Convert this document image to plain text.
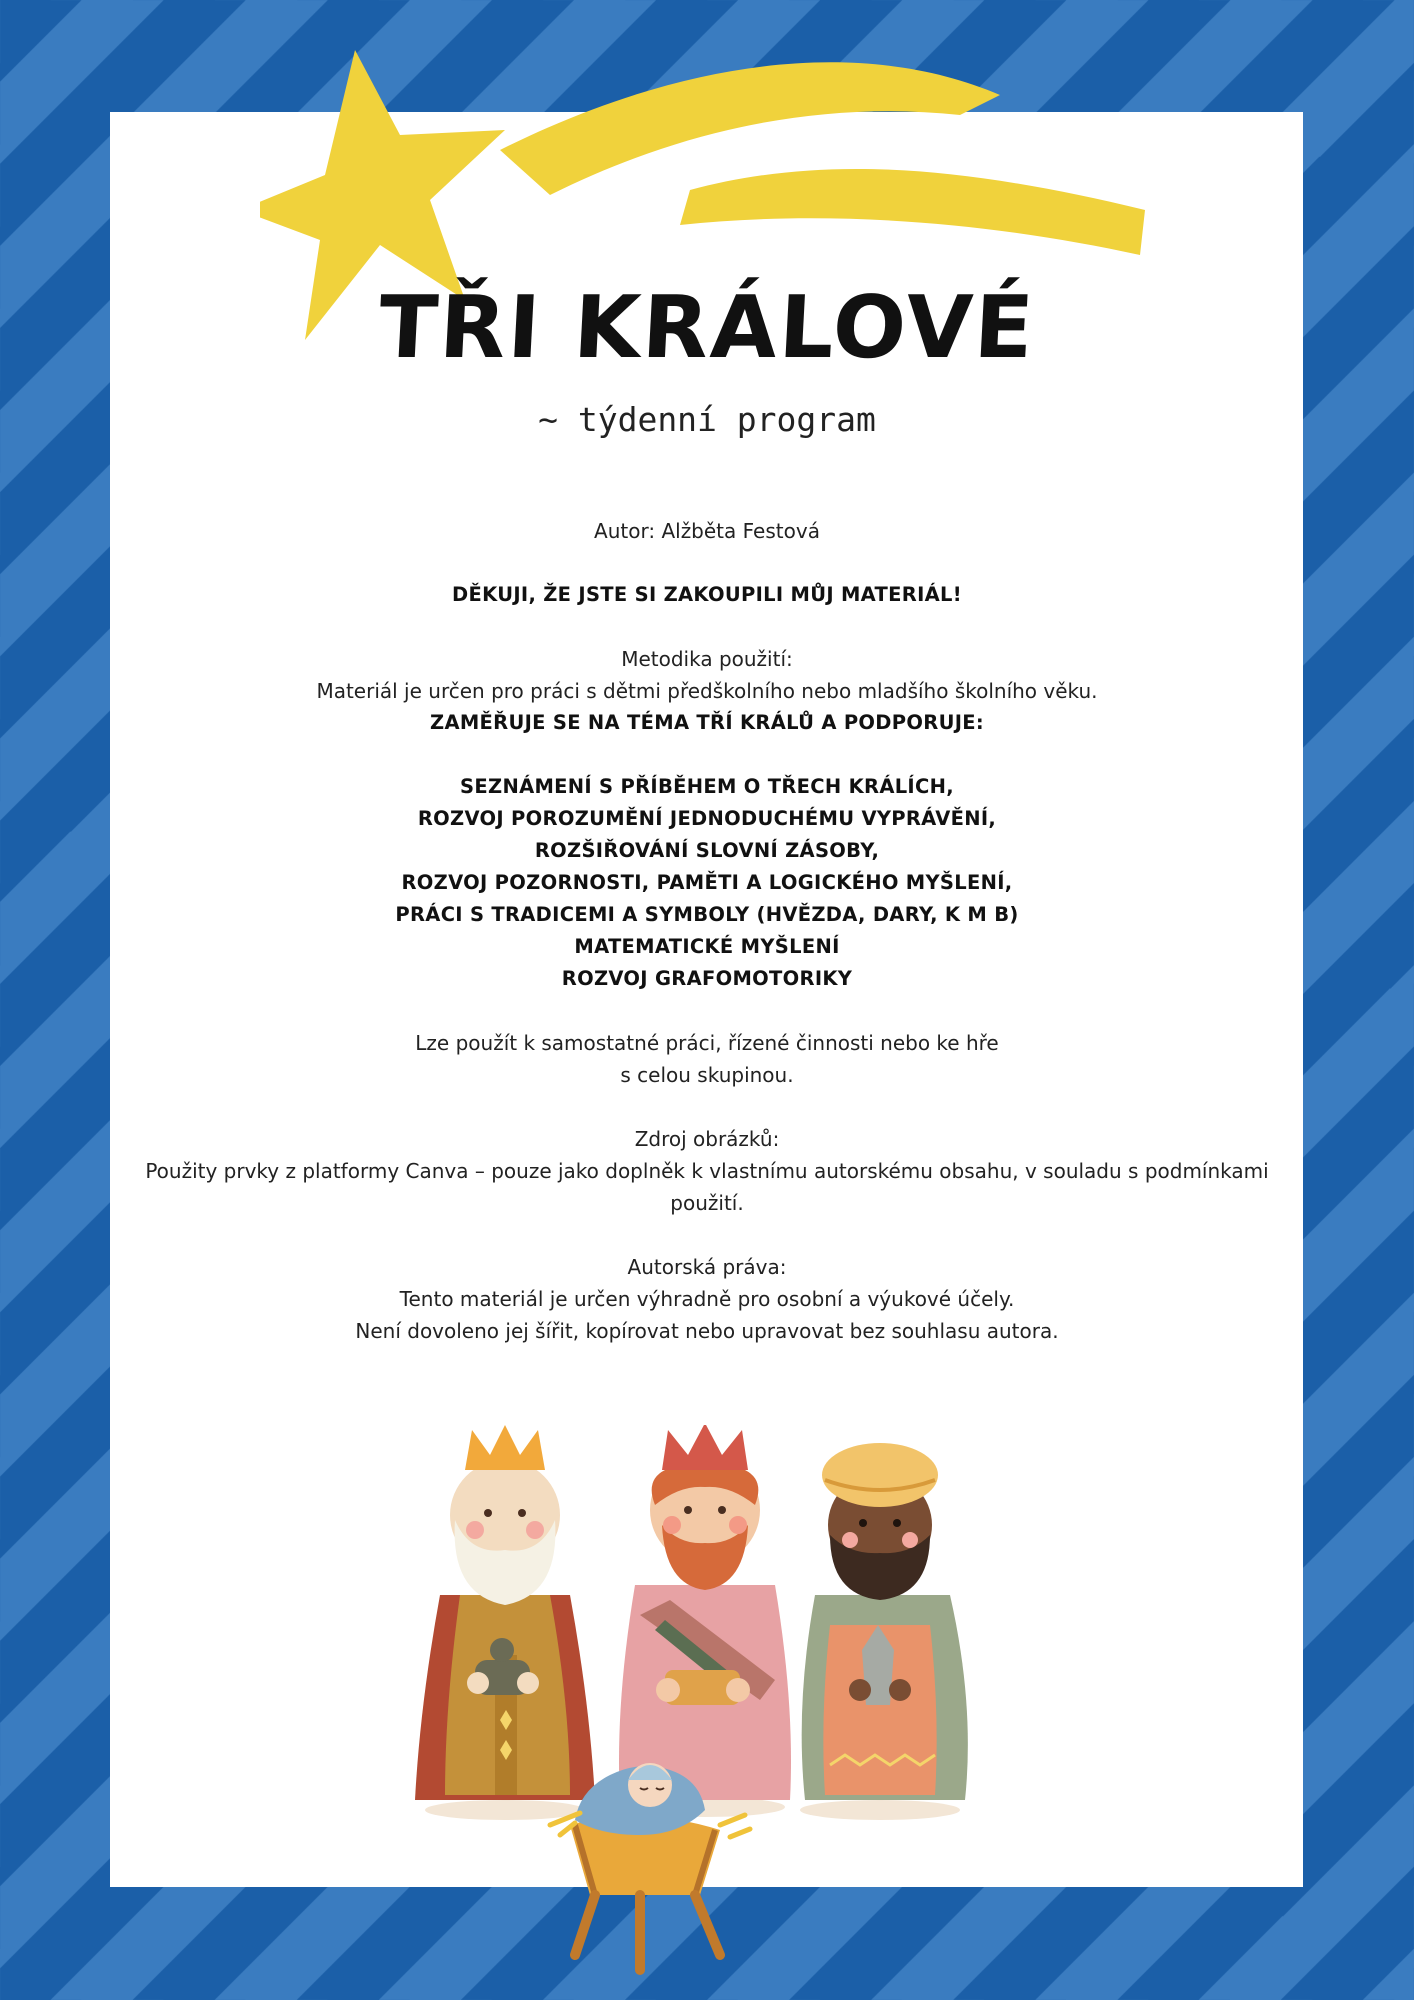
TŘI KRÁLOVÉ
~ týdenní program
Autor: Alžběta Festová
DĚKUJI, ŽE JSTE SI ZAKOUPILI MŮJ MATERIÁL!
Metodika použití:
Materiál je určen pro práci s dětmi předškolního nebo mladšího školního věku.
ZAMĚŘUJE SE NA TÉMA TŘÍ KRÁLŮ A PODPORUJE:
SEZNÁMENÍ S PŘÍBĚHEM O TŘECH KRÁLÍCH,
ROZVOJ POROZUMĚNÍ JEDNODUCHÉMU VYPRÁVĚNÍ,
ROZŠIŘOVÁNÍ SLOVNÍ ZÁSOBY,
ROZVOJ POZORNOSTI, PAMĚTI A LOGICKÉHO MYŠLENÍ,
PRÁCI S TRADICEMI A SYMBOLY (HVĚZDA, DARY, K M B)
MATEMATICKÉ MYŠLENÍ
ROZVOJ GRAFOMOTORIKY
Lze použít k samostatné práci, řízené činnosti nebo ke hře
s celou skupinou.
Zdroj obrázků:
Použity prvky z platformy Canva – pouze jako doplněk k vlastnímu autorskému obsahu, v souladu s podmínkami
použití.
Autorská práva:
Tento materiál je určen výhradně pro osobní a výukové účely.
Není dovoleno jej šířit, kopírovat nebo upravovat bez souhlasu autora.
